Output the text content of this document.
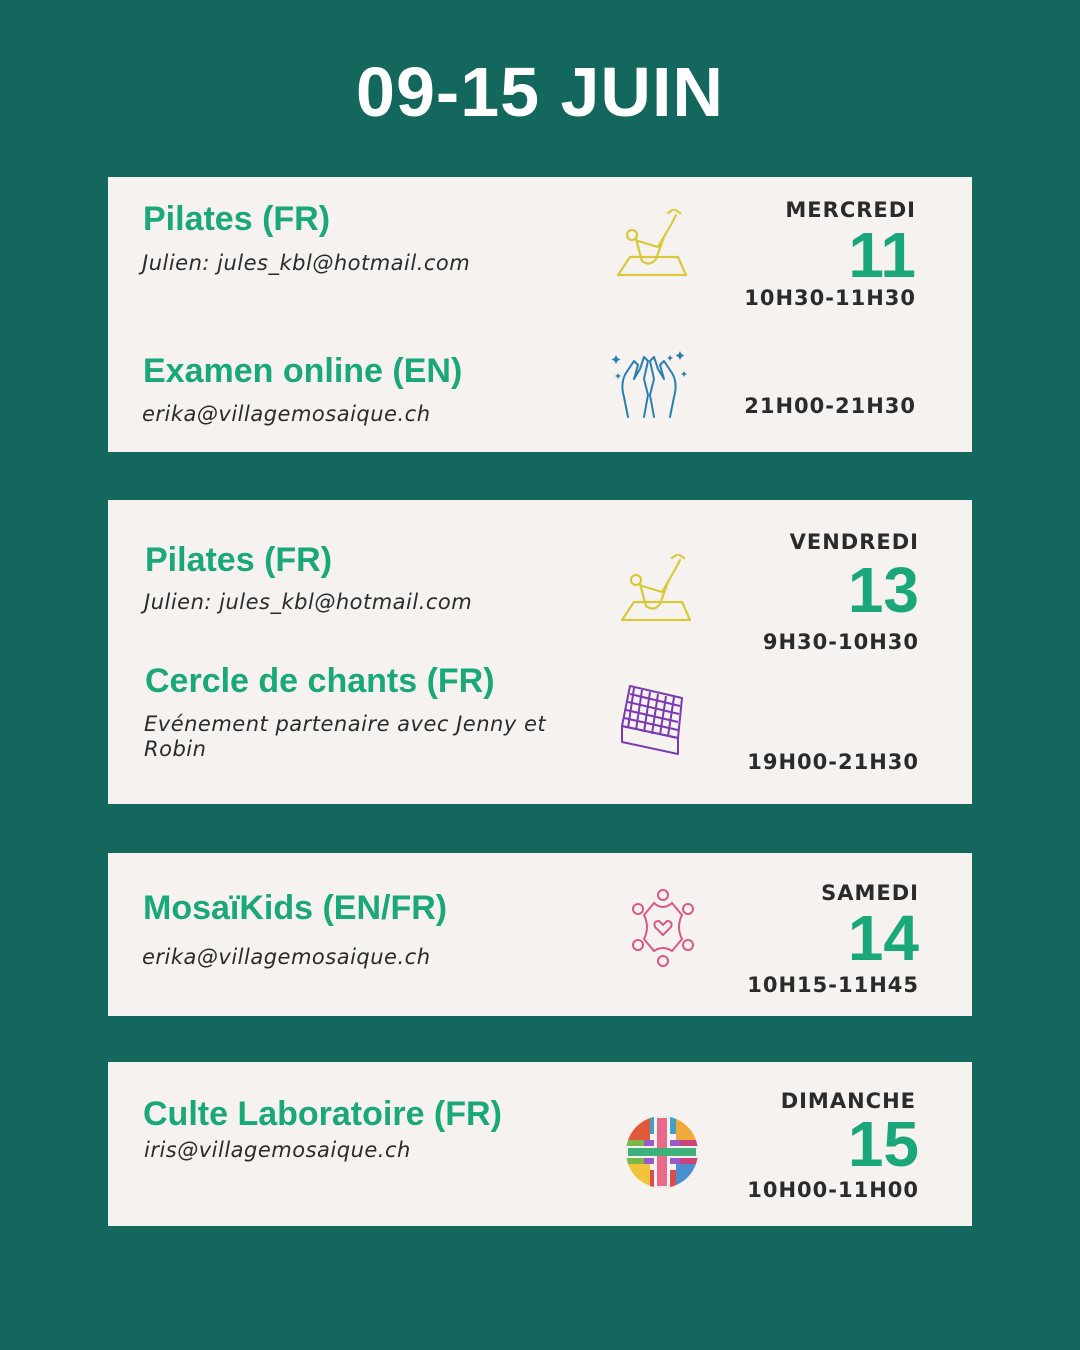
09-15 JUIN
Pilates (FR)
Julien: jules_kbl@hotmail.com
MERCREDI
11
10H30-11H30
Examen online (EN)
erika@villagemosaique.ch	21H00-21H30
Pilates (FR)
Julien: jules_kbl@hotmail.com
VENDREDI
13
9H30-10H30
Cercle de chants (FR)
Evénement partenaire avec Jenny et Robin
19H00-21H30
MosaïKids (EN/FR)
erika@villagemosaique.ch
SAMEDI
14
10H15-11H45
Culte Laboratoire (FR)
iris@villagemosaique.ch
DIMANCHE
15
10H00-11H00
